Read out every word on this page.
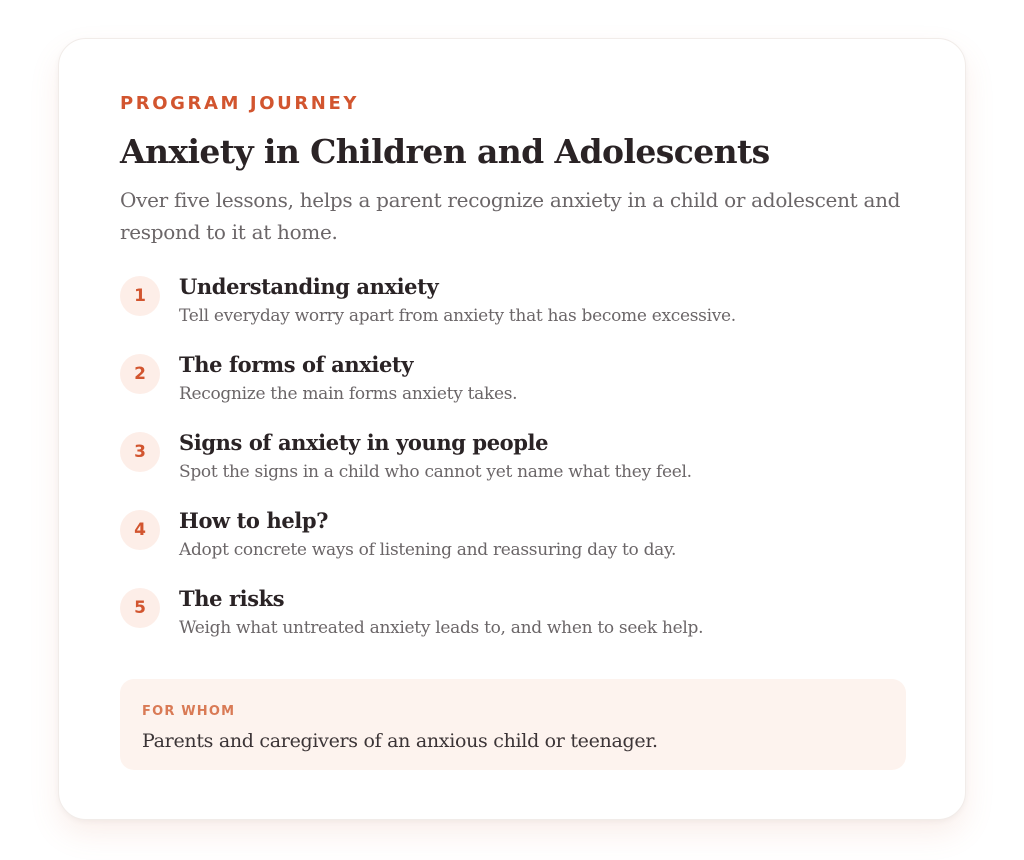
PROGRAM JOURNEY

Anxiety in Children and Adolescents

Over five lessons, helps a parent recognize anxiety in a child or adolescent and respond to it at home.

1	Understanding anxiety

Tell everyday worry apart from anxiety that has become excessive.

2	The forms of anxiety

Recognize the main forms anxiety takes.

3	Signs of anxiety in young people

Spot the signs in a child who cannot yet name what they feel.

4	How to help?

Adopt concrete ways of listening and reassuring day to day.

5	The risks

Weigh what untreated anxiety leads to, and when to seek help.

FOR WHOM

Parents and caregivers of an anxious child or teenager.
